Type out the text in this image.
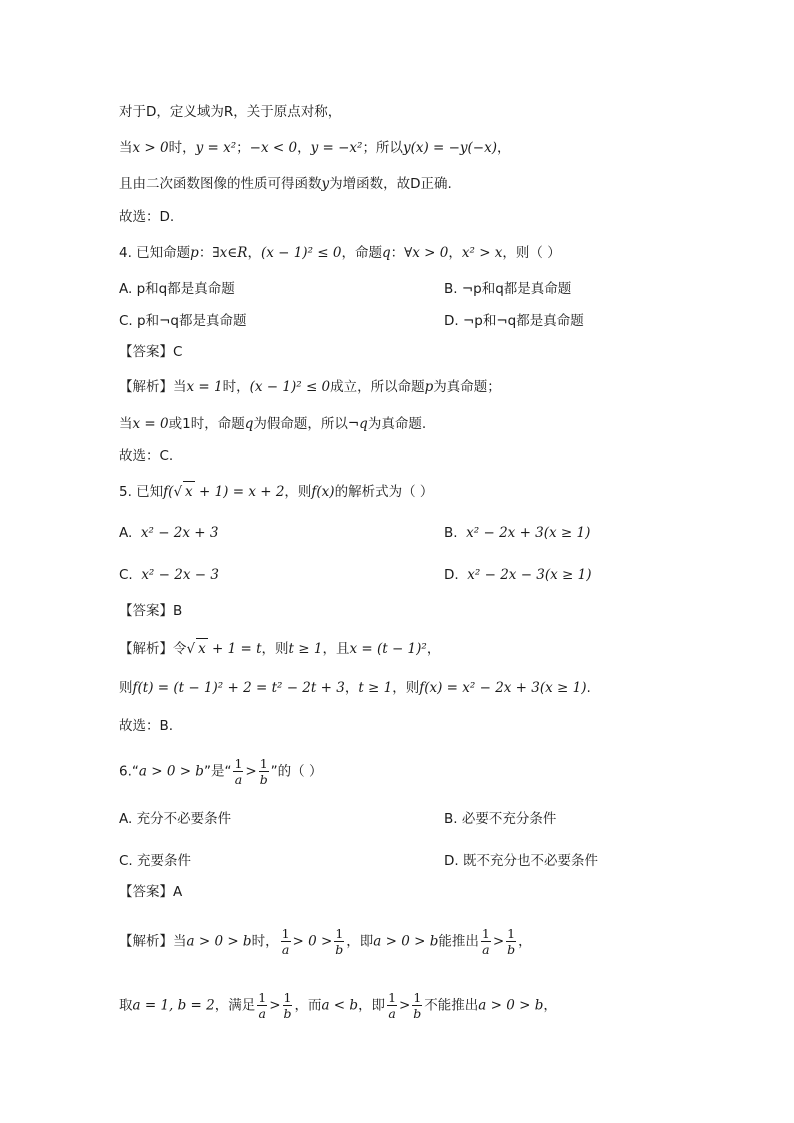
对于D，定义域为R，关于原点对称，
当x > 0时，y = x²；−x < 0，y = −x²；所以y(x) = −y(−x)，
且由二次函数图像的性质可得函数y为增函数，故D正确.
故选：D.
4. 已知命题p：∃x∈R，(x − 1)² ≤ 0，命题q：∀x > 0，x² > x，则（ ）
A. p和q都是真命题	B. ¬p和q都是真命题
C. p和¬q都是真命题	D. ¬p和¬q都是真命题
【答案】C
【解析】当x = 1时，(x − 1)² ≤ 0成立，所以命题p为真命题；
当x = 0或1时，命题q为假命题，所以¬q为真命题.
故选：C.
5. 已知f(√ x + 1) = x + 2，则f(x)的解析式为（ ）
A. x² − 2x + 3	B. x² − 2x + 3(x ≥ 1)
C. x² − 2x − 3	D. x² − 2x − 3(x ≥ 1)
【答案】B
【解析】令√ x + 1 = t，则t ≥ 1，且x = (t − 1)²，
则f(t) = (t − 1)² + 2 = t² − 2t + 3，t ≥ 1，则f(x) = x² − 2x + 3(x ≥ 1).
故选：B.
6.“a > 0 > b”是“ $\frac{1}{a} > \frac{1}{b}$ ”的（ ）
A. 充分不必要条件	B. 必要不充分条件
C. 充要条件	D. 既不充分也不必要条件
【答案】A
【解析】当a > 0 > b时， $\frac{1}{a} > 0 > \frac{1}{b}$ ，即a > 0 > b能推出 $\frac{1}{a} > \frac{1}{b}$ ，
取a = 1, b = 2，满足 $\frac{1}{a} > \frac{1}{b}$ ，而a < b，即 $\frac{1}{a} > \frac{1}{b}$ 不能推出a > 0 > b，
